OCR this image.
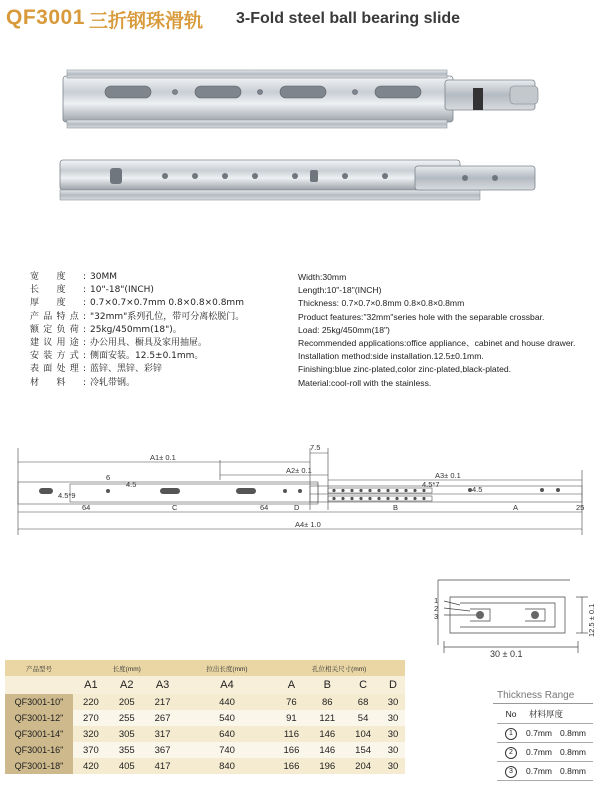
QF3001 三折钢珠滑轨 3-Fold steel ball bearing slide
宽度: 30MM
长度: 10"-18"(INCH)
厚度: 0.7×0.7×0.7mm 0.8×0.8×0.8mm
产品特点: "32mm"系列孔位，带可分离松脱门。
额定负荷: 25kg/450mm(18")。
建议用途: 办公用具、橱具及家用抽屉。
安装方式: 侧面安装。12.5±0.1mm。
表面处理: 蓝锌、黑锌、彩锌
材料: 冷轧带钢。
Width:30mm
Length:10"-18"(INCH)
Thickness: 0.7×0.7×0.8mm 0.8×0.8×0.8mm
Product features:"32mm"series hole with the separable crossbar.
Load: 25kg/450mm(18")
Recommended applications:office appliance、cabinet and house drawer.
Installation method:side installation.12.5±0.1mm.
Finishing:blue zinc-plated,color zinc-plated,black-plated.
Material:cool-roll with the stainless.
A1± 0.1
A2± 0.1
7.5
A3± 0.1
A4± 1.0
4.5*9
6
4.5	4.5*7
4.5
64	C	64	D	B	A	25
1
2
3
30 ± 0.1
12.5 ± 0.1
产品型号	长度(mm)			拉出长度(mm)	孔位相关尺寸(mm)			
	A1	A2	A3	A4	A	B	C	D
QF3001-10"	220	205	217	440	76	86	68	30
QF3001-12"	270	255	267	540	91	121	54	30
QF3001-14"	320	305	317	640	116	146	104	30
QF3001-16"	370	355	367	740	166	146	154	30
QF3001-18"	420	405	417	840	166	196	204	30
Thickness Range
No	材料厚度	
1	0.7mm	0.8mm
2	0.7mm	0.8mm
3	0.7mm	0.8mm
